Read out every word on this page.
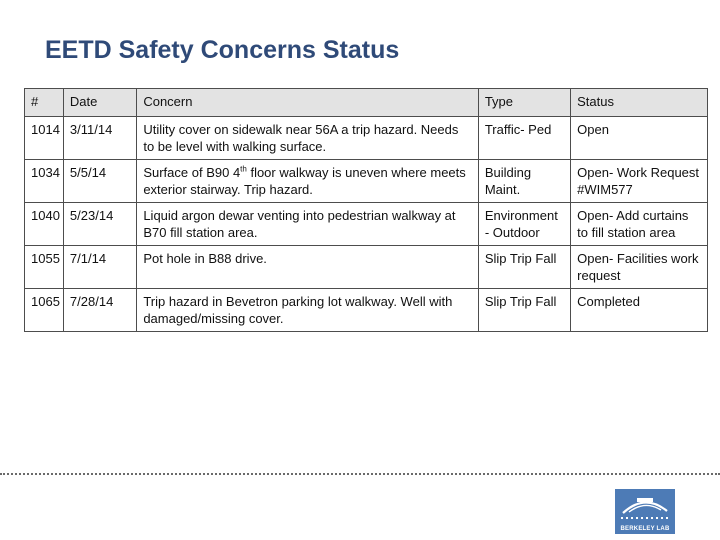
EETD Safety Concerns Status
#	Date	Concern	Type	Status
1014	3/11/14	Utility cover on sidewalk near 56A a trip hazard. Needs to be level with walking surface.	Traffic- Ped	Open
1034	5/5/14	Surface of B90 4th floor walkway is uneven where meets exterior stairway. Trip hazard.	Building Maint.	Open- Work Request #WIM577
1040	5/23/14	Liquid argon dewar venting into pedestrian walkway at B70 fill station area.	Environment - Outdoor	Open- Add curtains to fill station area
1055	7/1/14	Pot hole in B88 drive.	Slip Trip Fall	Open- Facilities work request
1065	7/28/14	Trip hazard in Bevetron parking lot walkway. Well with damaged/missing cover.	Slip Trip Fall	Completed
BERKELEY LAB
